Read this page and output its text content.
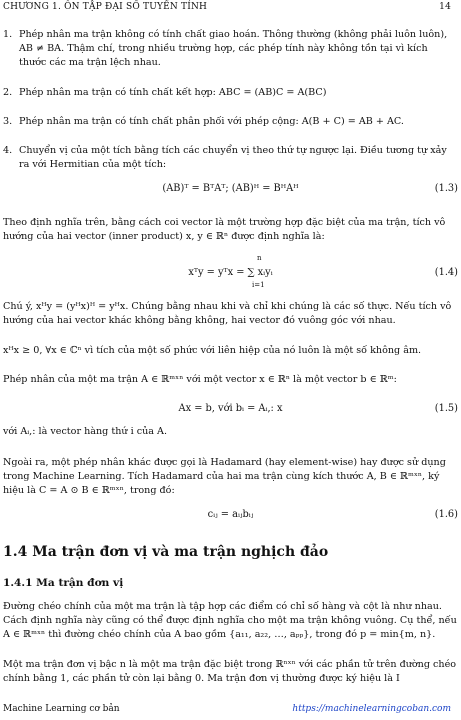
CHƯƠNG 1. ÔN TẬP ĐẠI SỐ TUYẾN TÍNH	14
1. Phép nhân ma trận không có tính chất giao hoán. Thông thường (không phải luôn luôn), AB ≠ BA. Thậm chí, trong nhiều trường hợp, các phép tính này không tồn tại vì kích thước các ma trận lệch nhau.
2. Phép nhân ma trận có tính chất kết hợp: ABC = (AB)C = A(BC)
3. Phép nhân ma trận có tính chất phân phối với phép cộng: A(B + C) = AB + AC.
4. Chuyển vị của một tích bằng tích các chuyển vị theo thứ tự ngược lại. Điều tương tự xảy ra với Hermitian của một tích:
(AB)ᵀ = BᵀAᵀ; (AB)ᴴ = BᴴAᴴ	(1.3)
Theo định nghĩa trên, bằng cách coi vector là một trường hợp đặc biệt của ma trận, tích vô hướng của hai vector (inner product) x, y ∈ ℝⁿ được định nghĩa là:
xᵀy = yᵀx = ∑ xᵢyᵢ
n
i=1
(1.4)
Chú ý, xᴴy = (yᴴx)ᴴ = yᴴx. Chúng bằng nhau khi và chỉ khi chúng là các số thực. Nếu tích vô hướng của hai vector khác không bằng không, hai vector đó vuông góc với nhau.
xᴴx ≥ 0, ∀x ∈ ℂⁿ vì tích của một số phức với liên hiệp của nó luôn là một số không âm.
Phép nhân của một ma trận A ∈ ℝᵐˣⁿ với một vector x ∈ ℝⁿ là một vector b ∈ ℝᵐ:
Ax = b, với bᵢ = Aᵢ,: x	(1.5)
với Aᵢ,: là vector hàng thứ i của A.
Ngoài ra, một phép nhân khác được gọi là Hadamard (hay element-wise) hay được sử dụng trong Machine Learning. Tích Hadamard của hai ma trận cùng kích thước A, B ∈ ℝᵐˣⁿ, ký hiệu là C = A ⊙ B ∈ ℝᵐˣⁿ, trong đó:
cᵢⱼ = aᵢⱼbᵢⱼ	(1.6)
1.4 Ma trận đơn vị và ma trận nghịch đảo
1.4.1 Ma trận đơn vị
Đường chéo chính của một ma trận là tập hợp các điểm có chỉ số hàng và cột là như nhau. Cách định nghĩa này cũng có thể được định nghĩa cho một ma trận không vuông. Cụ thể, nếu A ∈ ℝᵐˣⁿ thì đường chéo chính của A bao gồm {a₁₁, a₂₂, …, aₚₚ}, trong đó p = min{m, n}.
Một ma trận đơn vị bậc n là một ma trận đặc biệt trong ℝⁿˣⁿ với các phần tử trên đường chéo chính bằng 1, các phần tử còn lại bằng 0. Ma trận đơn vị thường được ký hiệu là I
Machine Learning cơ bản	https://machinelearningcoban.com
